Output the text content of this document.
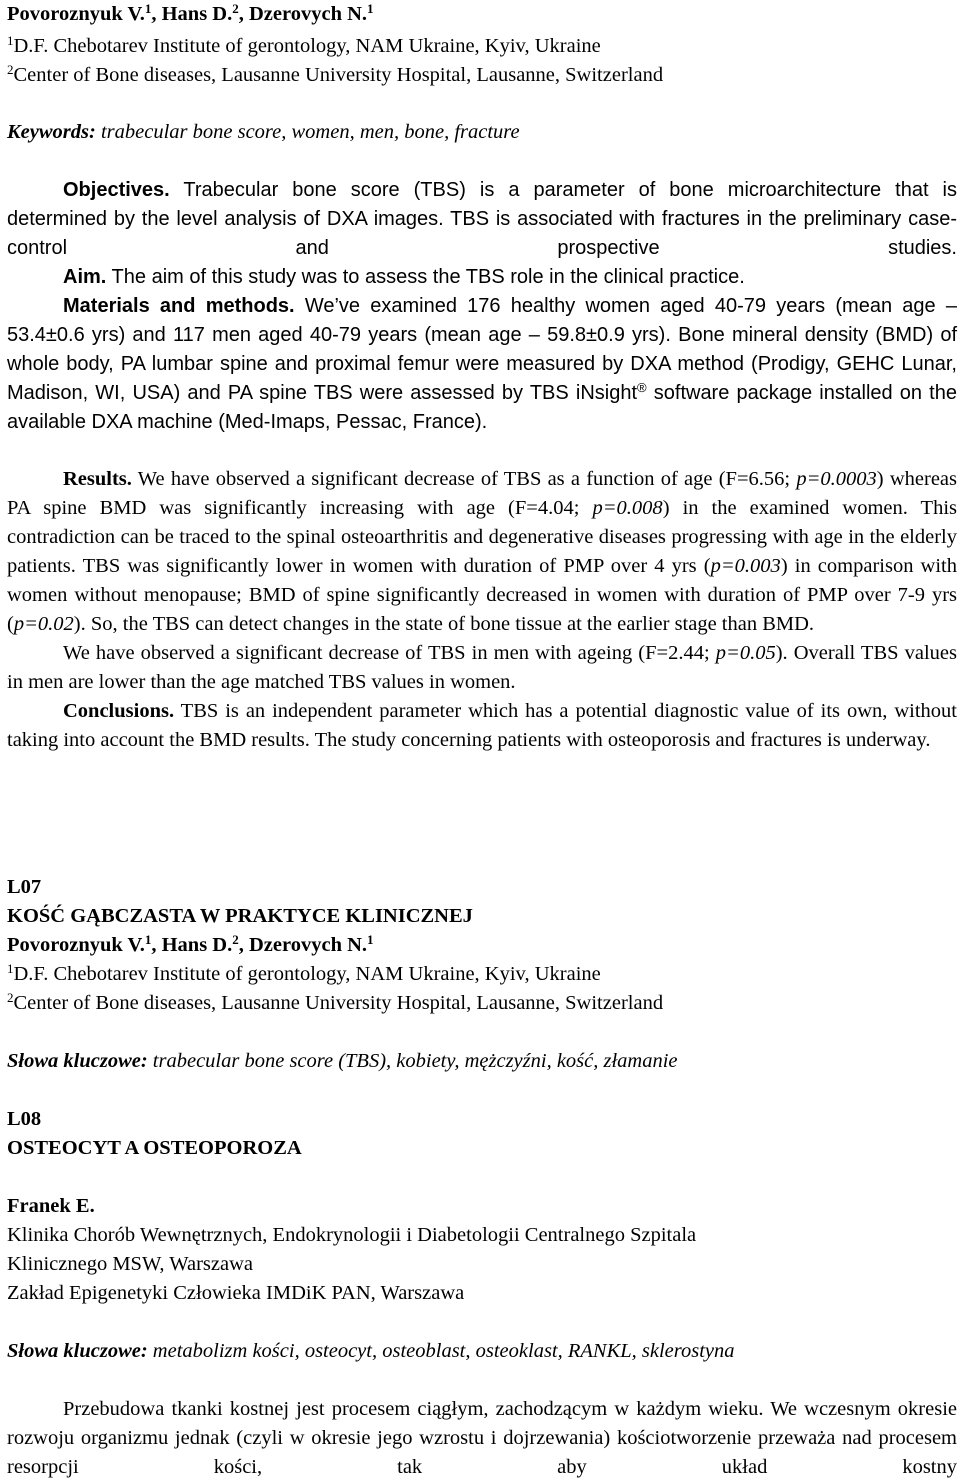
Povoroznyuk V.$^1$, Hans D.$^2$, Dzerovych N.$^1$
$^1$D.F. Chebotarev Institute of gerontology, NAM Ukraine, Kyiv, Ukraine
$^2$Center of Bone diseases, Lausanne University Hospital, Lausanne, Switzerland
Keywords: trabecular bone score, women, men, bone, fracture

Objectives. Trabecular bone score (TBS) is a parameter of bone microarchitecture that is determined by the level analysis of DXA images. TBS is associated with fractures in the preliminary case-control and prospective studies.

Aim. The aim of this study was to assess the TBS role in the clinical practice.

Materials and methods. We’ve examined 176 healthy women aged 40-79 years (mean age – 53.4±0.6 yrs) and 117 men aged 40-79 years (mean age – 59.8±0.9 yrs). Bone mineral density (BMD) of whole body, PA lumbar spine and proximal femur were measured by DXA method (Prodigy, GEHC Lunar, Madison, WI, USA) and PA spine TBS were assessed by TBS iNsight® software package installed on the available DXA machine (Med-Imaps, Pessac, France).

Results. We have observed a significant decrease of TBS as a function of age (F=6.56; p=0.0003) whereas PA spine BMD was significantly increasing with age (F=4.04; p=0.008) in the examined women. This contradiction can be traced to the spinal osteoarthritis and degenerative diseases progressing with age in the elderly patients. TBS was significantly lower in women with duration of PMP over 4 yrs (p=0.003) in comparison with women without menopause; BMD of spine significantly decreased in women with duration of PMP over 7-9 yrs (p=0.02). So, the TBS can detect changes in the state of bone tissue at the earlier stage than BMD.

We have observed a significant decrease of TBS in men with ageing (F=2.44; p=0.05). Overall TBS values in men are lower than the age matched TBS values in women.

Conclusions. TBS is an independent parameter which has a potential diagnostic value of its own, without taking into account the BMD results. The study concerning patients with osteoporosis and fractures is underway.

L07
KOŚĆ GĄBCZASTA W PRAKTYCE KLINICZNEJ
Povoroznyuk V.$^1$, Hans D.$^2$, Dzerovych N.$^1$
$^1$D.F. Chebotarev Institute of gerontology, NAM Ukraine, Kyiv, Ukraine
$^2$Center of Bone diseases, Lausanne University Hospital, Lausanne, Switzerland
Słowa kluczowe: trabecular bone score (TBS), kobiety, mężczyźni, kość, złamanie
L08
OSTEOCYT A OSTEOPOROZA
Franek E.
Klinika Chorób Wewnętrznych, Endokrynologii i Diabetologii Centralnego Szpitala
Klinicznego MSW, Warszawa
Zakład Epigenetyki Człowieka IMDiK PAN, Warszawa
Słowa kluczowe: metabolizm kości, osteocyt, osteoblast, osteoklast, RANKL, sklerostyna

Przebudowa tkanki kostnej jest procesem ciągłym, zachodzącym w każdym wieku. We wczesnym okresie rozwoju organizmu jednak (czyli w okresie jego wzrostu i dojrzewania) kościotworzenie przeważa nad procesem resorpcji kości, tak aby układ kostny
